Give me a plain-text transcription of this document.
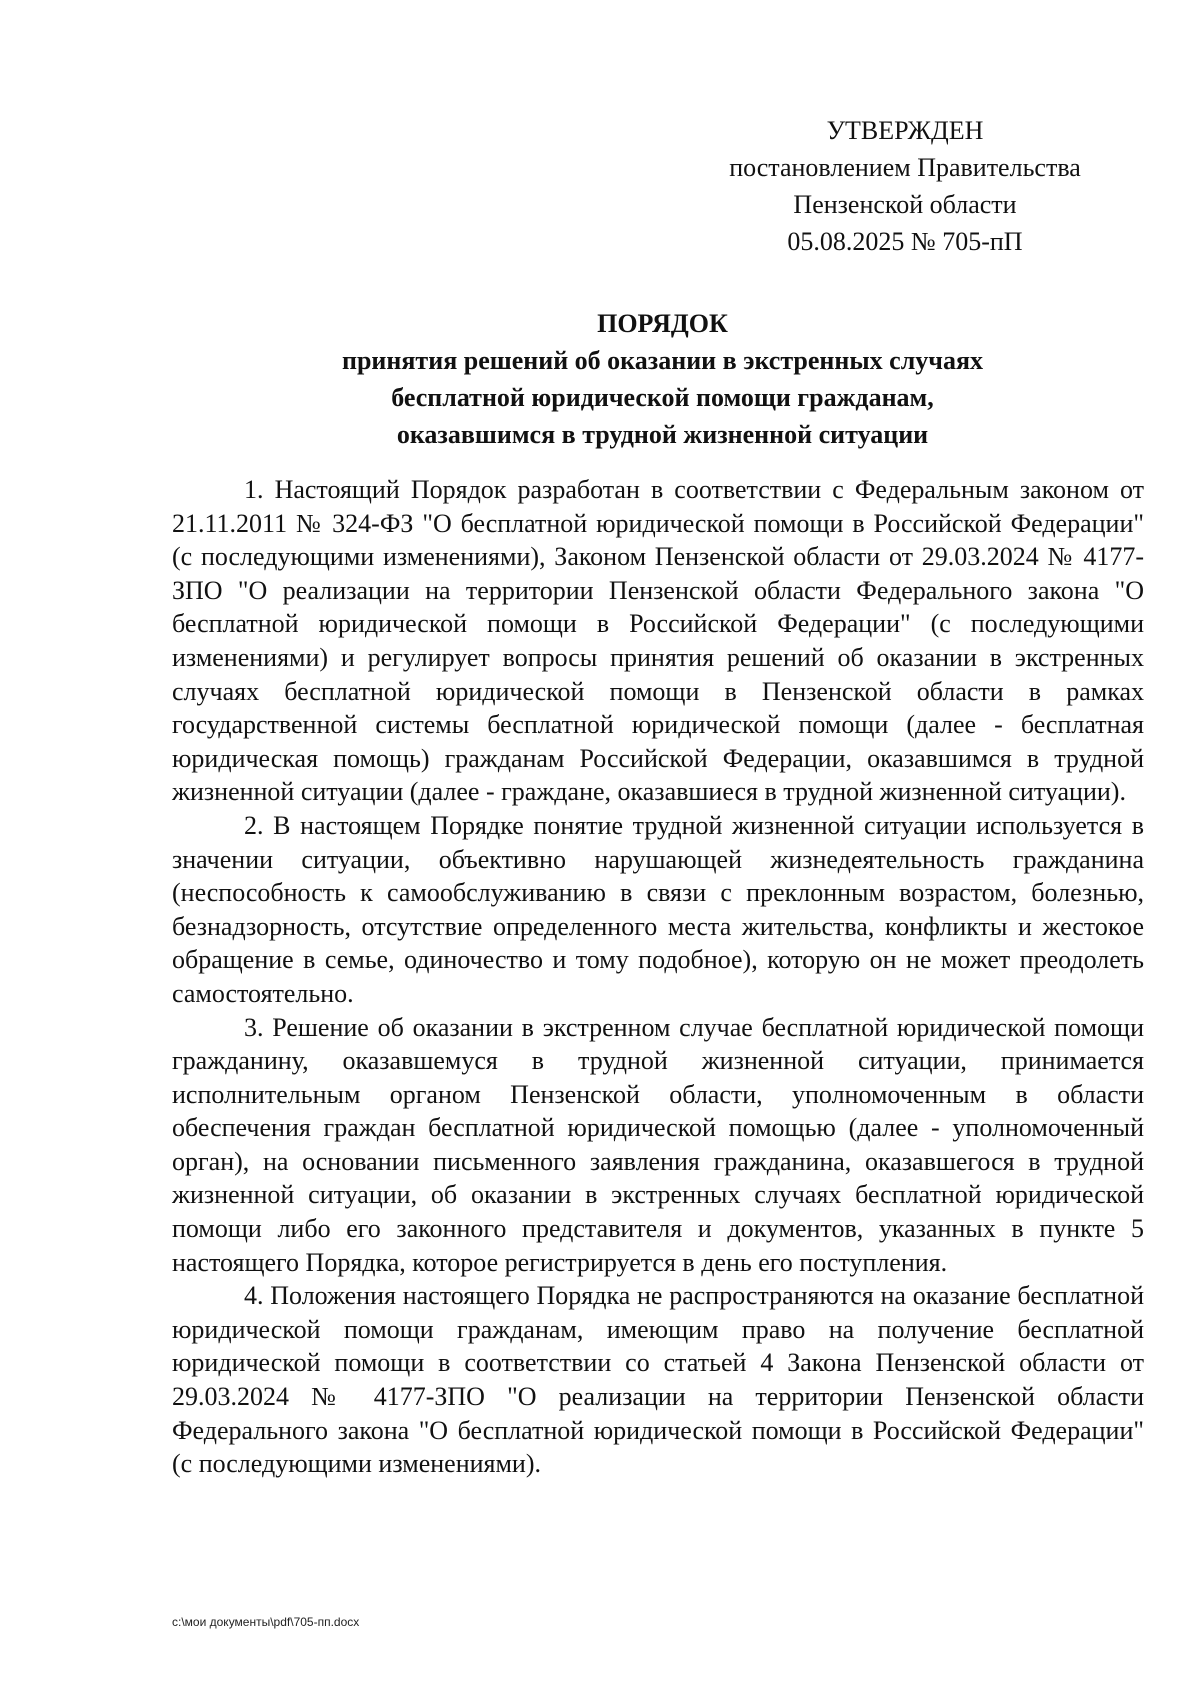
УТВЕРЖДЕН
постановлением Правительства
Пензенской области
05.08.2025 № 705-пП
ПОРЯДОК
принятия решений об оказании в экстренных случаях
бесплатной юридической помощи гражданам,
оказавшимся в трудной жизненной ситуации

1. Настоящий Порядок разработан в соответствии с Федеральным законом от 21.11.2011 № 324-ФЗ "О бесплатной юридической помощи в Российской Федерации" (с последующими изменениями), Законом Пензенской области от 29.03.2024 № 4177-ЗПО "О реализации на территории Пензенской области Федерального закона "О бесплатной юридической помощи в Российской Федерации" (с последующими изменениями) и регулирует вопросы принятия решений об оказании в экстренных случаях бесплатной юридической помощи в Пензенской области в рамках государственной системы бесплатной юридической помощи (далее - бесплатная юридическая помощь) гражданам Российской Федерации, оказавшимся в трудной жизненной ситуации (далее - граждане, оказавшиеся в трудной жизненной ситуации).

2. В настоящем Порядке понятие трудной жизненной ситуации используется в значении ситуации, объективно нарушающей жизнедеятельность гражданина (неспособность к самообслуживанию в связи с преклонным возрастом, болезнью, безнадзорность, отсутствие определенного места жительства, конфликты и жестокое обращение в семье, одиночество и тому подобное), которую он не может преодолеть самостоятельно.

3. Решение об оказании в экстренном случае бесплатной юридической помощи гражданину, оказавшемуся в трудной жизненной ситуации, принимается исполнительным органом Пензенской области, уполномоченным в области обеспечения граждан бесплатной юридической помощью (далее - уполномоченный орган), на основании письменного заявления гражданина, оказавшегося в трудной жизненной ситуации, об оказании в экстренных случаях бесплатной юридической помощи либо его законного представителя и документов, указанных в пункте 5 настоящего Порядка, которое регистрируется в день его поступления.

4. Положения настоящего Порядка не распространяются на оказание бесплатной юридической помощи гражданам, имеющим право на получение бесплатной юридической помощи в соответствии со статьей 4 Закона Пензенской области от 29.03.2024 № 4177-ЗПО "О реализации на территории Пензенской области Федерального закона "О бесплатной юридической помощи в Российской Федерации" (с последующими изменениями).

c:\мои документы\pdf\705-пп.docx
